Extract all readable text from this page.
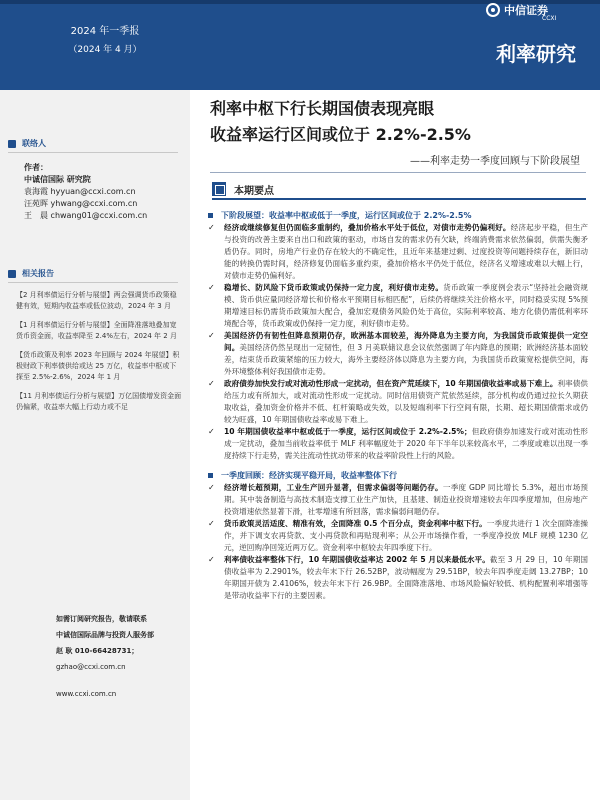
2024 年一季报
（2024 年 4 月）
中信证券
CCXI
利率研究
联络人
作者：
中诚信国际 研究院
袁海霞 hyyuan@ccxi.com.cn
汪苑晖 yhwang@ccxi.com.cn
王　晨 chwang01@ccxi.com.cn
相关报告
【2 月利率债运行分析与展望】两会强调货币政策稳健有效，短期内收益率或低位波动，2024 年 3 月
【1 月利率债运行分析与展望】全面降准落地叠加宽货币资金面，收益率降至 2.4%左右，2024 年 2 月
【货币政策及利率 2023 年回顾与 2024 年展望】积极财政下利率债供给或达 25 万亿，收益率中枢或下探至 2.5%-2.6%，2024 年 1 月
【11 月利率债运行分析与展望】万亿国债增发资金面仍偏紧，收益率大幅上行动力或不足
如需订阅研究报告，敬请联系
中诚信国际品牌与投资人服务部
赵 耿 010-66428731；
gzhao@ccxi.com.cn
www.ccxi.com.cn
利率中枢下行长期国债表现亮眼
收益率运行区间或位于 2.2%-2.5%
——利率走势一季度回顾与下阶段展望
本期要点
下阶段展望：收益率中枢或低于一季度，运行区间或位于 2.2%-2.5%
✓	经济或继续修复但仍面临多重制约，叠加价格水平处于低位，对债市走势仍偏利好。经济起步平稳，但生产与投资的改善主要来自出口和政策的驱动，市场自发的需求仍有欠缺，终端消费需求依然偏弱，供需失衡矛盾仍存。同时，房地产行业仍存在较大的不确定性，且近年来基建过剩、过度投资等问题持续存在，新旧动能的转换仍需时间，经济修复仍面临多重约束，叠加价格水平仍处于低位，经济名义增速或难以大幅上行，对债市走势仍偏利好。
✓	稳增长、防风险下货币政策或仍保持一定力度，利好债市走势。货币政策一季度例会表示“坚持社会融资规模、货币供应量同经济增长和价格水平预期目标相匹配”，后续仍将继续关注价格水平，同时稳妥实现 5%预期增速目标仍需货币政策加大配合，叠加宏观债务风险仍处于高位，实际利率较高、地方化债仍需低利率环境配合等，货币政策或仍保持一定力度，利好债市走势。
✓	美国经济仍有韧性但降息预期仍存，欧洲基本面较差，海外降息为主要方向，为我国货币政策提供一定空间。美国经济仍然呈现出一定韧性，但 3 月美联储议息会议依然强调了年内降息的预期；欧洲经济基本面较差，结束货币政策紧缩的压力较大，海外主要经济体以降息为主要方向，为我国货币政策宽松提供空间，海外环境整体利好我国债市走势。
✓	政府债券加快发行或对流动性形成一定扰动，但在资产荒延续下，10 年期国债收益率或易下难上。利率债供给压力或有所加大，或对流动性形成一定扰动。同时信用债资产荒依然延续，部分机构或仍通过拉长久期获取收益，叠加资金价格并不低、杠杆策略或失效，以及短端利率下行空间有限，长期、超长期国债需求或仍较为旺盛，10 年期国债收益率或易下难上。
✓	10 年期国债收益率中枢或低于一季度，运行区间或位于 2.2%-2.5%；但政府债券加速发行或对流动性形成一定扰动，叠加当前收益率低于 MLF 利率幅度处于 2020 年下半年以来较高水平，二季度或难以出现一季度持续下行走势，需关注流动性扰动带来的收益率阶段性上行的风险。
一季度回顾：经济实现平稳开局，收益率整体下行
✓	经济增长超预期，工业生产回升显著，但需求偏弱等问题仍存。一季度 GDP 同比增长 5.3%，超出市场预期。其中装备制造与高技术制造支撑工业生产加快，且基建、制造业投资增速较去年四季度增加，但房地产投资增速依然显著下滑，社零增速有所回落，需求偏弱问题仍存。
✓	货币政策灵活适度、精准有效，全面降准 0.5 个百分点，资金利率中枢下行。一季度共进行 1 次全面降准操作，并下调支农再贷款、支小再贷款和再贴现利率；从公开市场操作看，一季度净投放 MLF 规模 1230 亿元，逆回购净回笼近两万亿。资金利率中枢较去年四季度下行。
✓	利率债收益率整体下行，10 年期国债收益率达 2002 年 5 月以来最低水平。截至 3 月 29 日，10 年期国债收益率为 2.2901%，较去年末下行 26.52BP，波动幅度为 29.51BP，较去年四季度走阔 13.27BP；10 年期国开债为 2.4106%，较去年末下行 26.9BP。全面降准落地、市场风险偏好较低、机构配置利率增强等是带动收益率下行的主要因素。
